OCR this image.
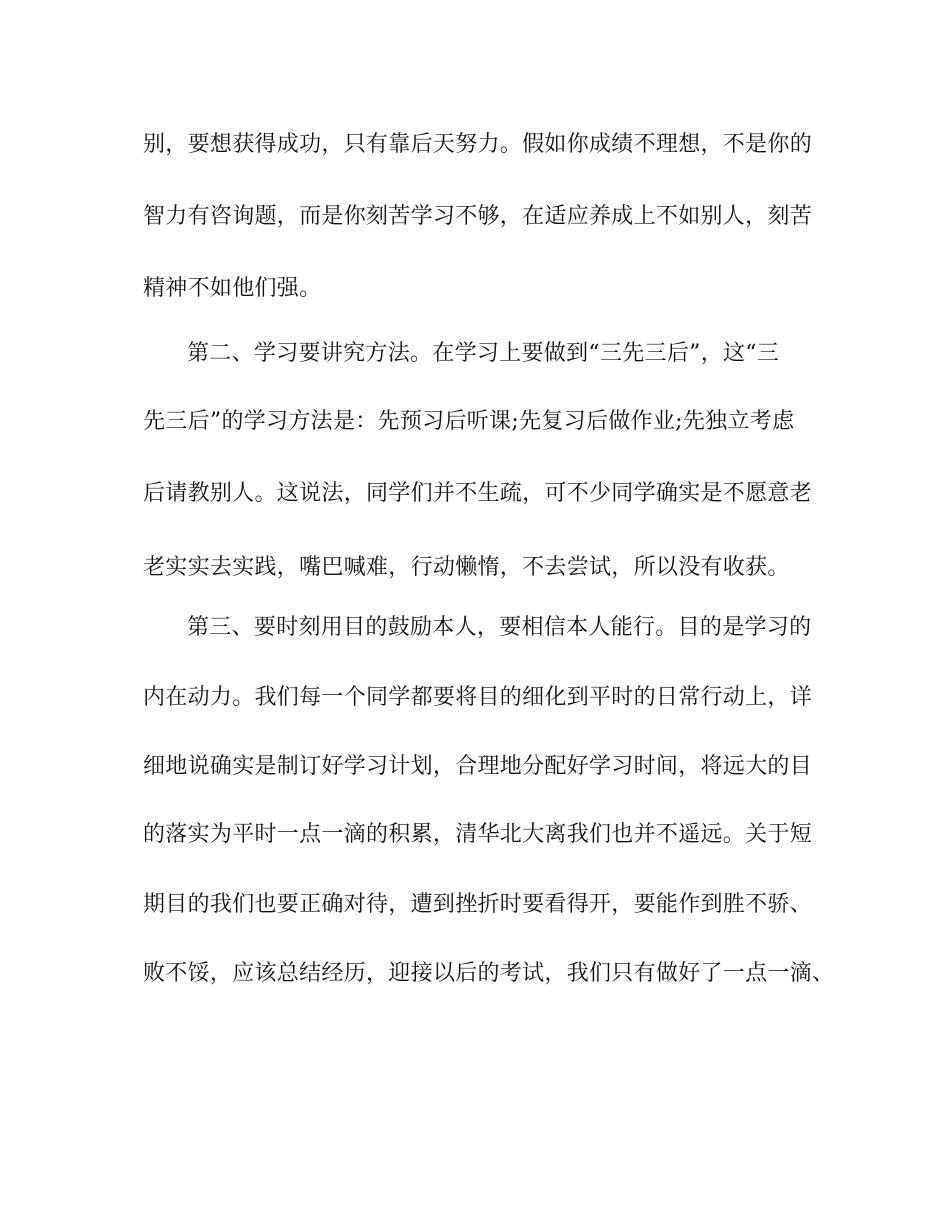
别，要想获得成功，只有靠后天努力。假如你成绩不理想，不是你的
智力有咨询题，而是你刻苦学习不够，在适应养成上不如别人，刻苦
精神不如他们强。
第二、学习要讲究方法。在学习上要做到“三先三后”，这“三
先三后”的学习方法是：先预习后听课;先复习后做作业;先独立考虑
后请教别人。这说法，同学们并不生疏，可不少同学确实是不愿意老
老实实去实践，嘴巴喊难，行动懒惰，不去尝试，所以没有收获。
第三、要时刻用目的鼓励本人，要相信本人能行。目的是学习的
内在动力。我们每一个同学都要将目的细化到平时的日常行动上，详
细地说确实是制订好学习计划，合理地分配好学习时间，将远大的目
的落实为平时一点一滴的积累，清华北大离我们也并不遥远。关于短
期目的我们也要正确对待，遭到挫折时要看得开，要能作到胜不骄、
败不馁，应该总结经历，迎接以后的考试，我们只有做好了一点一滴、
